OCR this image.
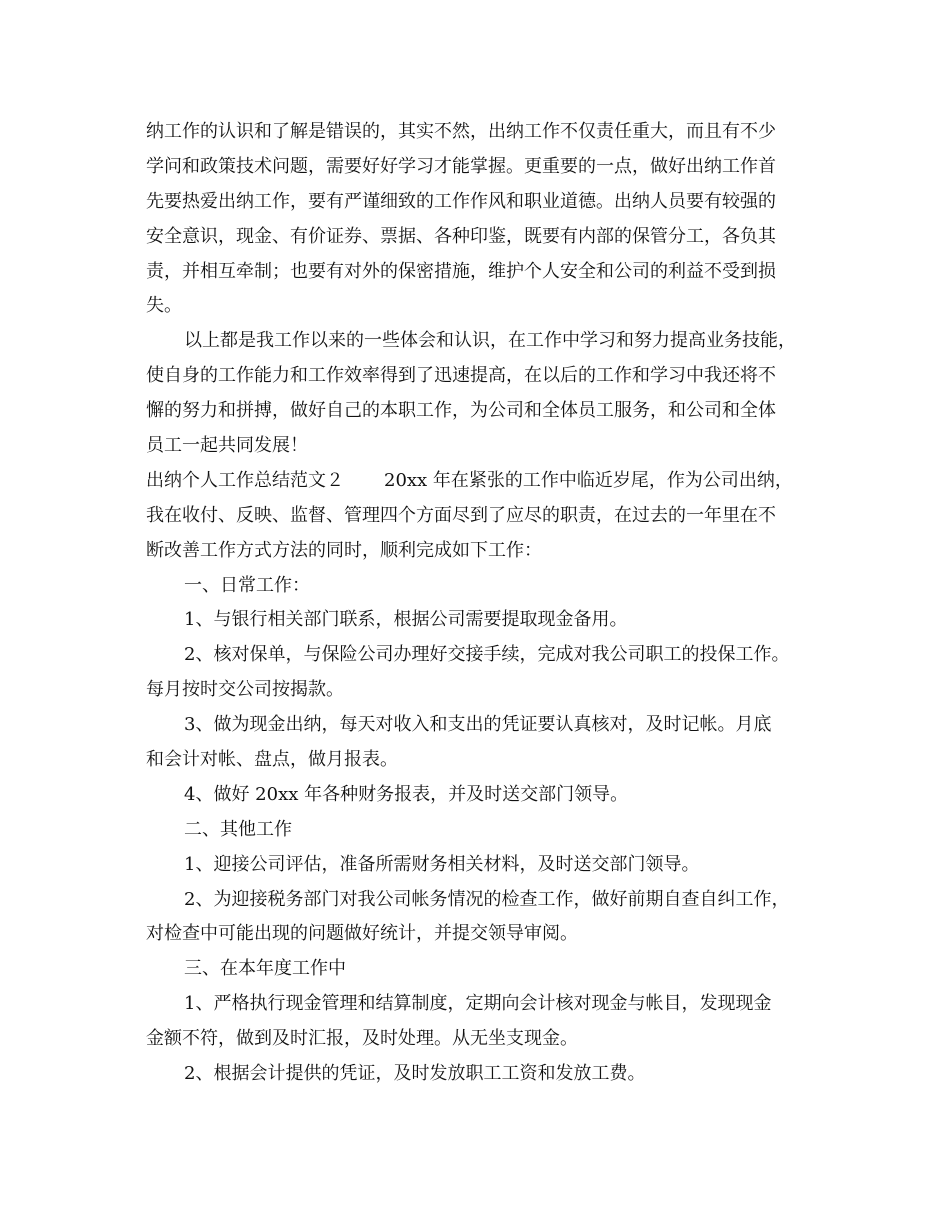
纳工作的认识和了解是错误的，其实不然，出纳工作不仅责任重大，而且有不少
学问和政策技术问题，需要好好学习才能掌握。更重要的一点，做好出纳工作首
先要热爱出纳工作，要有严谨细致的工作作风和职业道德。出纳人员要有较强的
安全意识，现金、有价证券、票据、各种印鉴，既要有内部的保管分工，各负其
责，并相互牵制；也要有对外的保密措施，维护个人安全和公司的利益不受到损
失。
以上都是我工作以来的一些体会和认识，在工作中学习和努力提高业务技能，
使自身的工作能力和工作效率得到了迅速提高，在以后的工作和学习中我还将不
懈的努力和拼搏，做好自己的本职工作，为公司和全体员工服务，和公司和全体
员工一起共同发展！
出纳个人工作总结范文２ 20xx 年在紧张的工作中临近岁尾，作为公司出纳，
我在收付、反映、监督、管理四个方面尽到了应尽的职责，在过去的一年里在不
断改善工作方式方法的同时，顺利完成如下工作：
一、日常工作：
1、与银行相关部门联系，根据公司需要提取现金备用。
2、核对保单，与保险公司办理好交接手续，完成对我公司职工的投保工作。
每月按时交公司按揭款。
3、做为现金出纳，每天对收入和支出的凭证要认真核对，及时记帐。月底
和会计对帐、盘点，做月报表。
4、做好 20xx 年各种财务报表，并及时送交部门领导。
二、其他工作
1、迎接公司评估，准备所需财务相关材料，及时送交部门领导。
2、为迎接税务部门对我公司帐务情况的检查工作，做好前期自查自纠工作，
对检查中可能出现的问题做好统计，并提交领导审阅。
三、在本年度工作中
1、严格执行现金管理和结算制度，定期向会计核对现金与帐目，发现现金
金额不符，做到及时汇报，及时处理。从无坐支现金。
2、根据会计提供的凭证，及时发放职工工资和发放工费。
